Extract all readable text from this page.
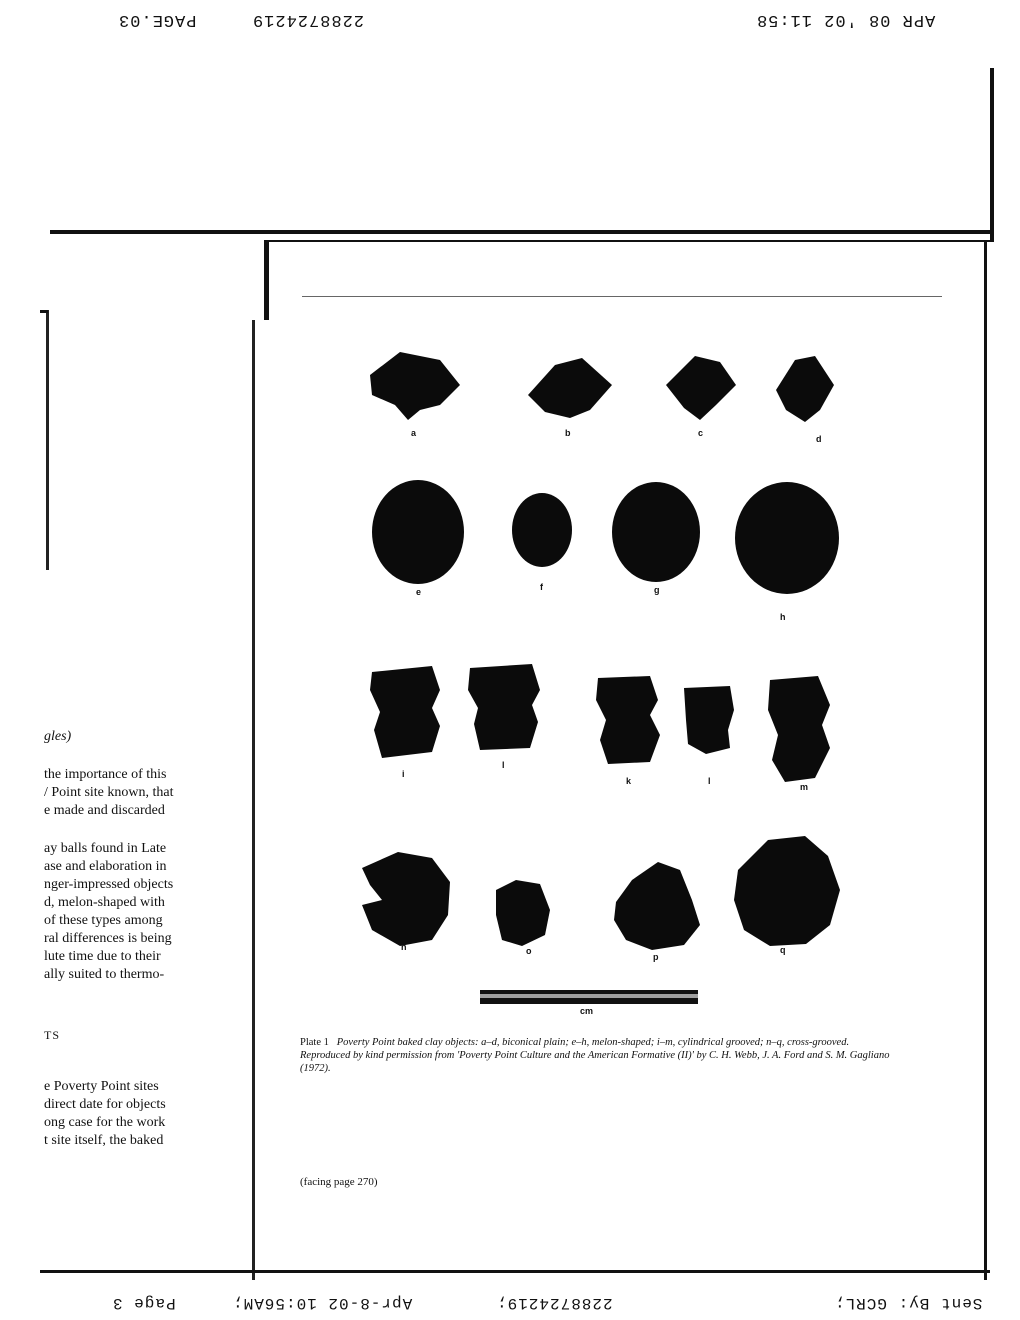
PAGE.03	2288724219	APR 08 '02 11:58
Page 3	Apr-8-02 10:56AM;	2288724219;	Sent By: GCRL;
gles)
the importance of this
/ Point site known, that
e made and discarded
ay balls found in Late
ase and elaboration in
nger-impressed objects
d, melon-shaped with
of these types among
ral differences is being
lute time due to their
ally suited to thermo-
TS
e Poverty Point sites
direct date for objects
ong case for the work
t site itself, the baked
a	b	c
d
e	f	g
h
i
l
k	l
m
n	o
p
q
cm
Plate 1 Poverty Point baked clay objects: a–d, biconical plain; e–h, melon-shaped; i–m, cylindrical grooved; n–q, cross-grooved. Reproduced by kind permission from 'Poverty Point Culture and the American Formative (II)' by C. H. Webb, J. A. Ford and S. M. Gagliano (1972).
(facing page 270)
